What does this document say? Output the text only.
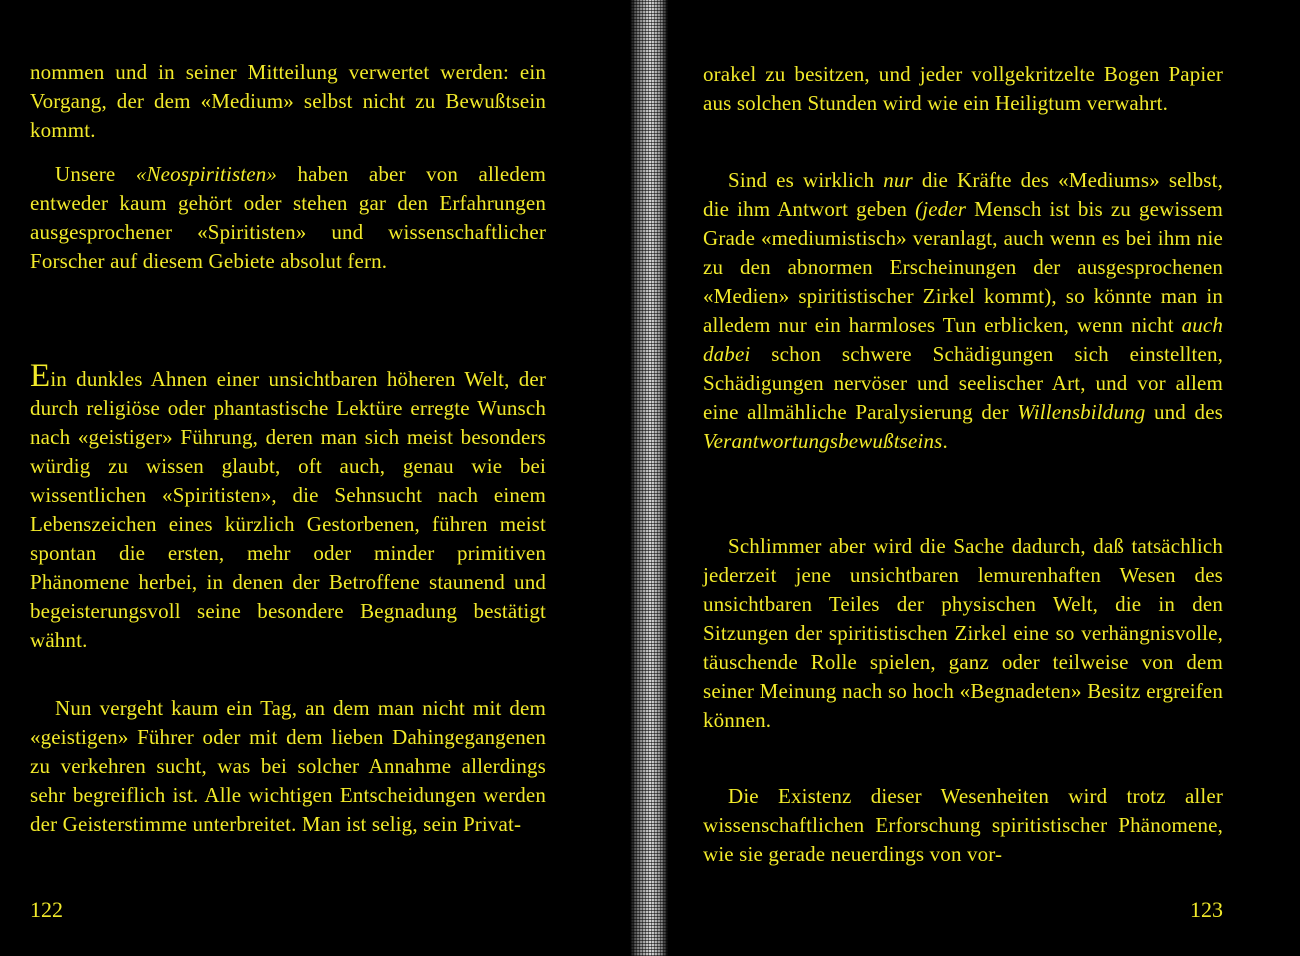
nommen und in seiner Mitteilung verwertet werden: ein Vorgang, der dem «Medium» selbst nicht zu Bewußtsein kommt.

Unsere «Neospiritisten» haben aber von alledem entweder kaum gehört oder stehen gar den Erfahrungen ausgesprochener «Spiritisten» und wissenschaftlicher Forscher auf diesem Gebiete absolut fern.

Ein dunkles Ahnen einer unsichtbaren höheren Welt, der durch religiöse oder phantastische Lektüre erregte Wunsch nach «geistiger» Führung, deren man sich meist besonders würdig zu wissen glaubt, oft auch, genau wie bei wissentlichen «Spiritisten», die Sehnsucht nach einem Lebenszeichen eines kürzlich Gestorbenen, führen meist spontan die ersten, mehr oder minder primitiven Phänomene herbei, in denen der Betroffene staunend und begeisterungsvoll seine besondere Begnadung bestätigt wähnt.

Nun vergeht kaum ein Tag, an dem man nicht mit dem «geistigen» Führer oder mit dem lieben Dahingegangenen zu verkehren sucht, was bei solcher Annahme allerdings sehr begreiflich ist. Alle wichtigen Entscheidungen werden der Geisterstimme unterbreitet. Man ist selig, sein Privat-

122

orakel zu besitzen, und jeder vollgekritzelte Bogen Papier aus solchen Stunden wird wie ein Heiligtum verwahrt.

Sind es wirklich nur die Kräfte des «Mediums» selbst, die ihm Antwort geben (jeder Mensch ist bis zu gewissem Grade «mediumistisch» veranlagt, auch wenn es bei ihm nie zu den abnormen Erscheinungen der ausgesprochenen «Medien» spiritistischer Zirkel kommt), so könnte man in alledem nur ein harmloses Tun erblicken, wenn nicht auch dabei schon schwere Schädigungen sich einstellten, Schädigungen nervöser und seelischer Art, und vor allem eine allmähliche Paralysierung der Willensbildung und des Verantwortungsbewußtseins.

Schlimmer aber wird die Sache dadurch, daß tatsächlich jederzeit jene unsichtbaren lemurenhaften Wesen des unsichtbaren Teiles der physischen Welt, die in den Sitzungen der spiritistischen Zirkel eine so verhängnisvolle, täuschende Rolle spielen, ganz oder teilweise von dem seiner Meinung nach so hoch «Begnadeten» Besitz ergreifen können.

Die Existenz dieser Wesenheiten wird trotz aller wissenschaftlichen Erforschung spiritistischer Phänomene, wie sie gerade neuerdings von vor-

123
